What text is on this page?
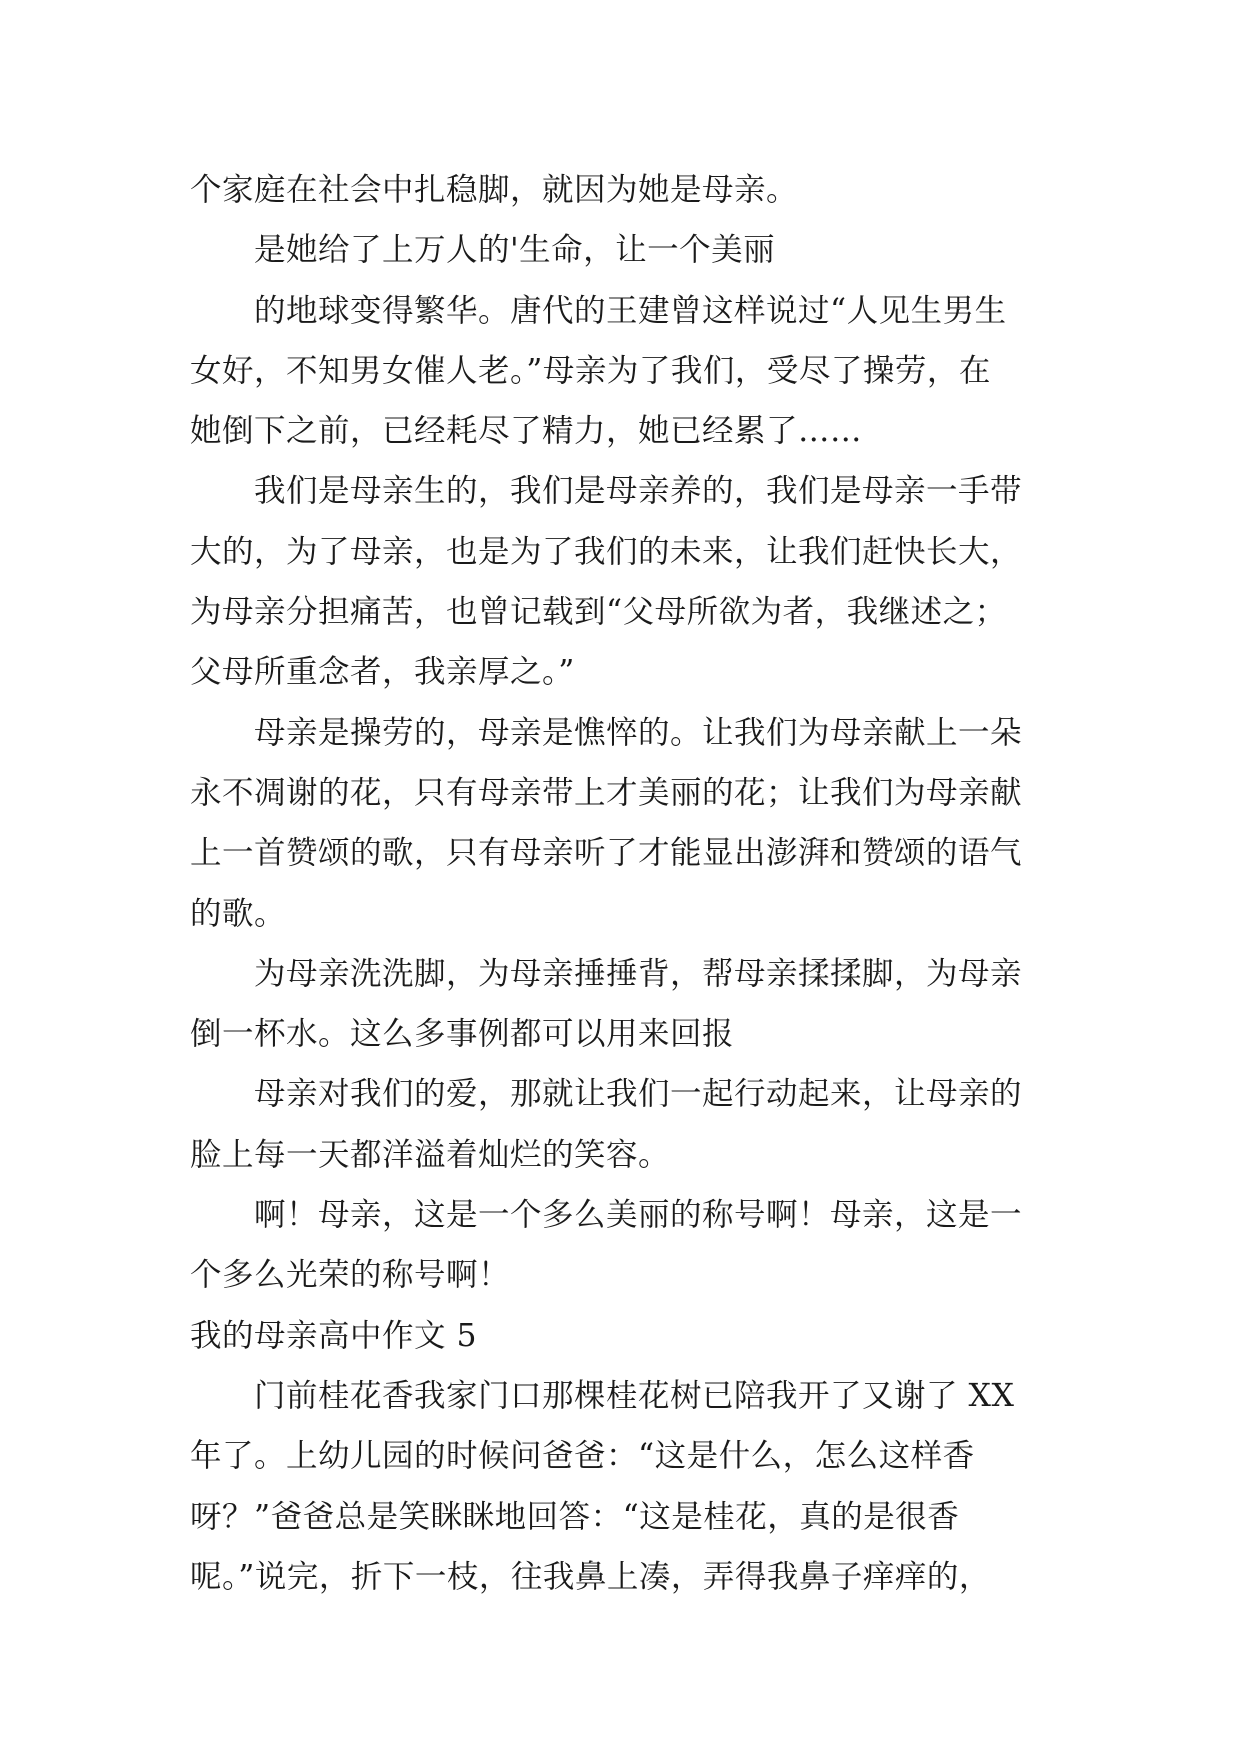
个家庭在社会中扎稳脚，就因为她是母亲。
是她给了上万人的'生命，让一个美丽
的地球变得繁华。唐代的王建曾这样说过“人见生男生
女好，不知男女催人老。”母亲为了我们，受尽了操劳，在
她倒下之前，已经耗尽了精力，她已经累了……
我们是母亲生的，我们是母亲养的，我们是母亲一手带
大的，为了母亲，也是为了我们的未来，让我们赶快长大，
为母亲分担痛苦，也曾记载到“父母所欲为者，我继述之；
父母所重念者，我亲厚之。”
母亲是操劳的，母亲是憔悴的。让我们为母亲献上一朵
永不凋谢的花，只有母亲带上才美丽的花；让我们为母亲献
上一首赞颂的歌，只有母亲听了才能显出澎湃和赞颂的语气
的歌。
为母亲洗洗脚，为母亲捶捶背，帮母亲揉揉脚，为母亲
倒一杯水。这么多事例都可以用来回报
母亲对我们的爱，那就让我们一起行动起来，让母亲的
脸上每一天都洋溢着灿烂的笑容。
啊！母亲，这是一个多么美丽的称号啊！母亲，这是一
个多么光荣的称号啊！
我的母亲高中作文 5
门前桂花香我家门口那棵桂花树已陪我开了又谢了 XX
年了。上幼儿园的时候问爸爸：“这是什么，怎么这样香
呀？”爸爸总是笑眯眯地回答：“这是桂花，真的是很香
呢。”说完，折下一枝，往我鼻上凑，弄得我鼻子痒痒的，
